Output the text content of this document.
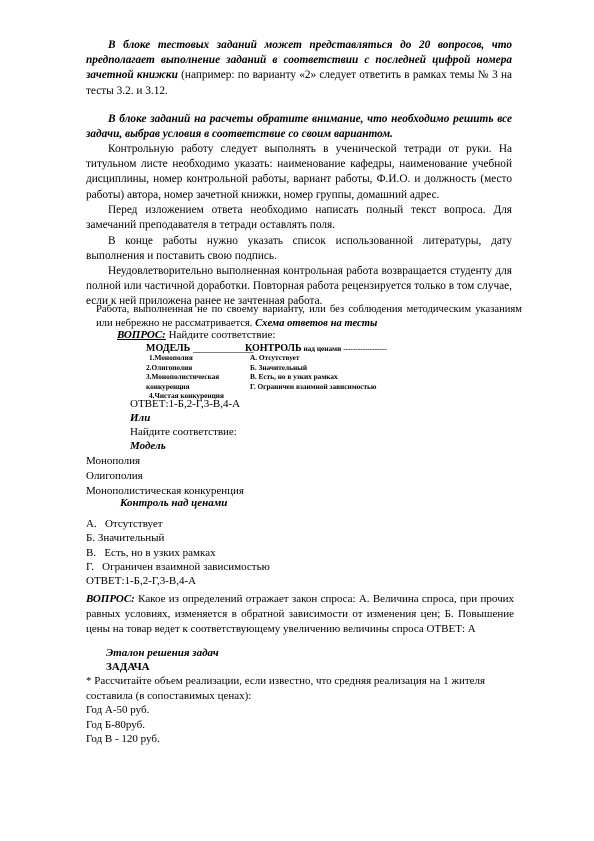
В блоке тестовых заданий может представляться до 20 вопросов, что предполагает выполнение заданий в соответствии с последней цифрой номера зачетной книжки (например: по варианту «2» следует ответить в рамках темы № 3 на тесты 3.2. и 3.12.

В блоке заданий на расчеты обратите внимание, что необходимо решить все задачи, выбрав условия в соответствие со своим вариантом.

Контрольную работу следует выполнять в ученической тетради от руки. На титульном листе необходимо указать: наименование кафедры, наименование учебной дисциплины, номер контрольной работы, вариант работы, Ф.И.О. и должность (место работы) автора, номер зачетной книжки, номер группы, домашний адрес.

Перед изложением ответа необходимо написать полный текст вопроса. Для замечаний преподавателя в тетради оставлять поля.

В конце работы нужно указать список использованной литературы, дату выполнения и поставить свою подпись.

Неудовлетворительно выполненная контрольная работа возвращается студенту для полной или частичной доработки. Повторная работа рецензируется только в том случае, если к ней приложена ранее не зачтенная работа.

Работа, выполненная не по своему варианту, или без соблюдения методическим указаниям или небрежно не рассматривается. Схема ответов на тесты

ВОПРОС: Найдите соответствие:
МОДЕЛЬ ___________
КОНТРОЛЬ над ценами ------------------
1.Монополия
2.Олигополия
3.Монополистическая конкуренция
4.Чистая конкуренция
А. Отсутствует
Б. Значительный
В. Есть, но в узких рамках
Г. Ограничен взаимной зависимостью
ОТВЕТ:1-Б,2-Г,3-В,4-А
Или
Найдите соответствие:
Модель
Монополия
Олигополия
Монополистическая конкуренция
Контроль над ценами
А.   Отсутствует
Б. Значительный
В.   Есть, но в узких рамках
Г.   Ограничен взаимной зависимостью
ОТВЕТ:1-Б,2-Г,3-В,4-А

ВОПРОС: Какое из определений отражает закон спроса: А. Величина спроса, при прочих равных условиях, изменяется в обратной зависимости от изменения цен; Б. Повышение цены на товар ведет к соответствующему увеличению величины спроса ОТВЕТ: А

Эталон решения задач
ЗАДАЧА

* Рассчитайте объем реализации, если известно, что средняя реализация на 1 жителя составила (в сопоставимых ценах):

Год А-50 руб.
Год Б-80руб.
Год В - 120 руб.
